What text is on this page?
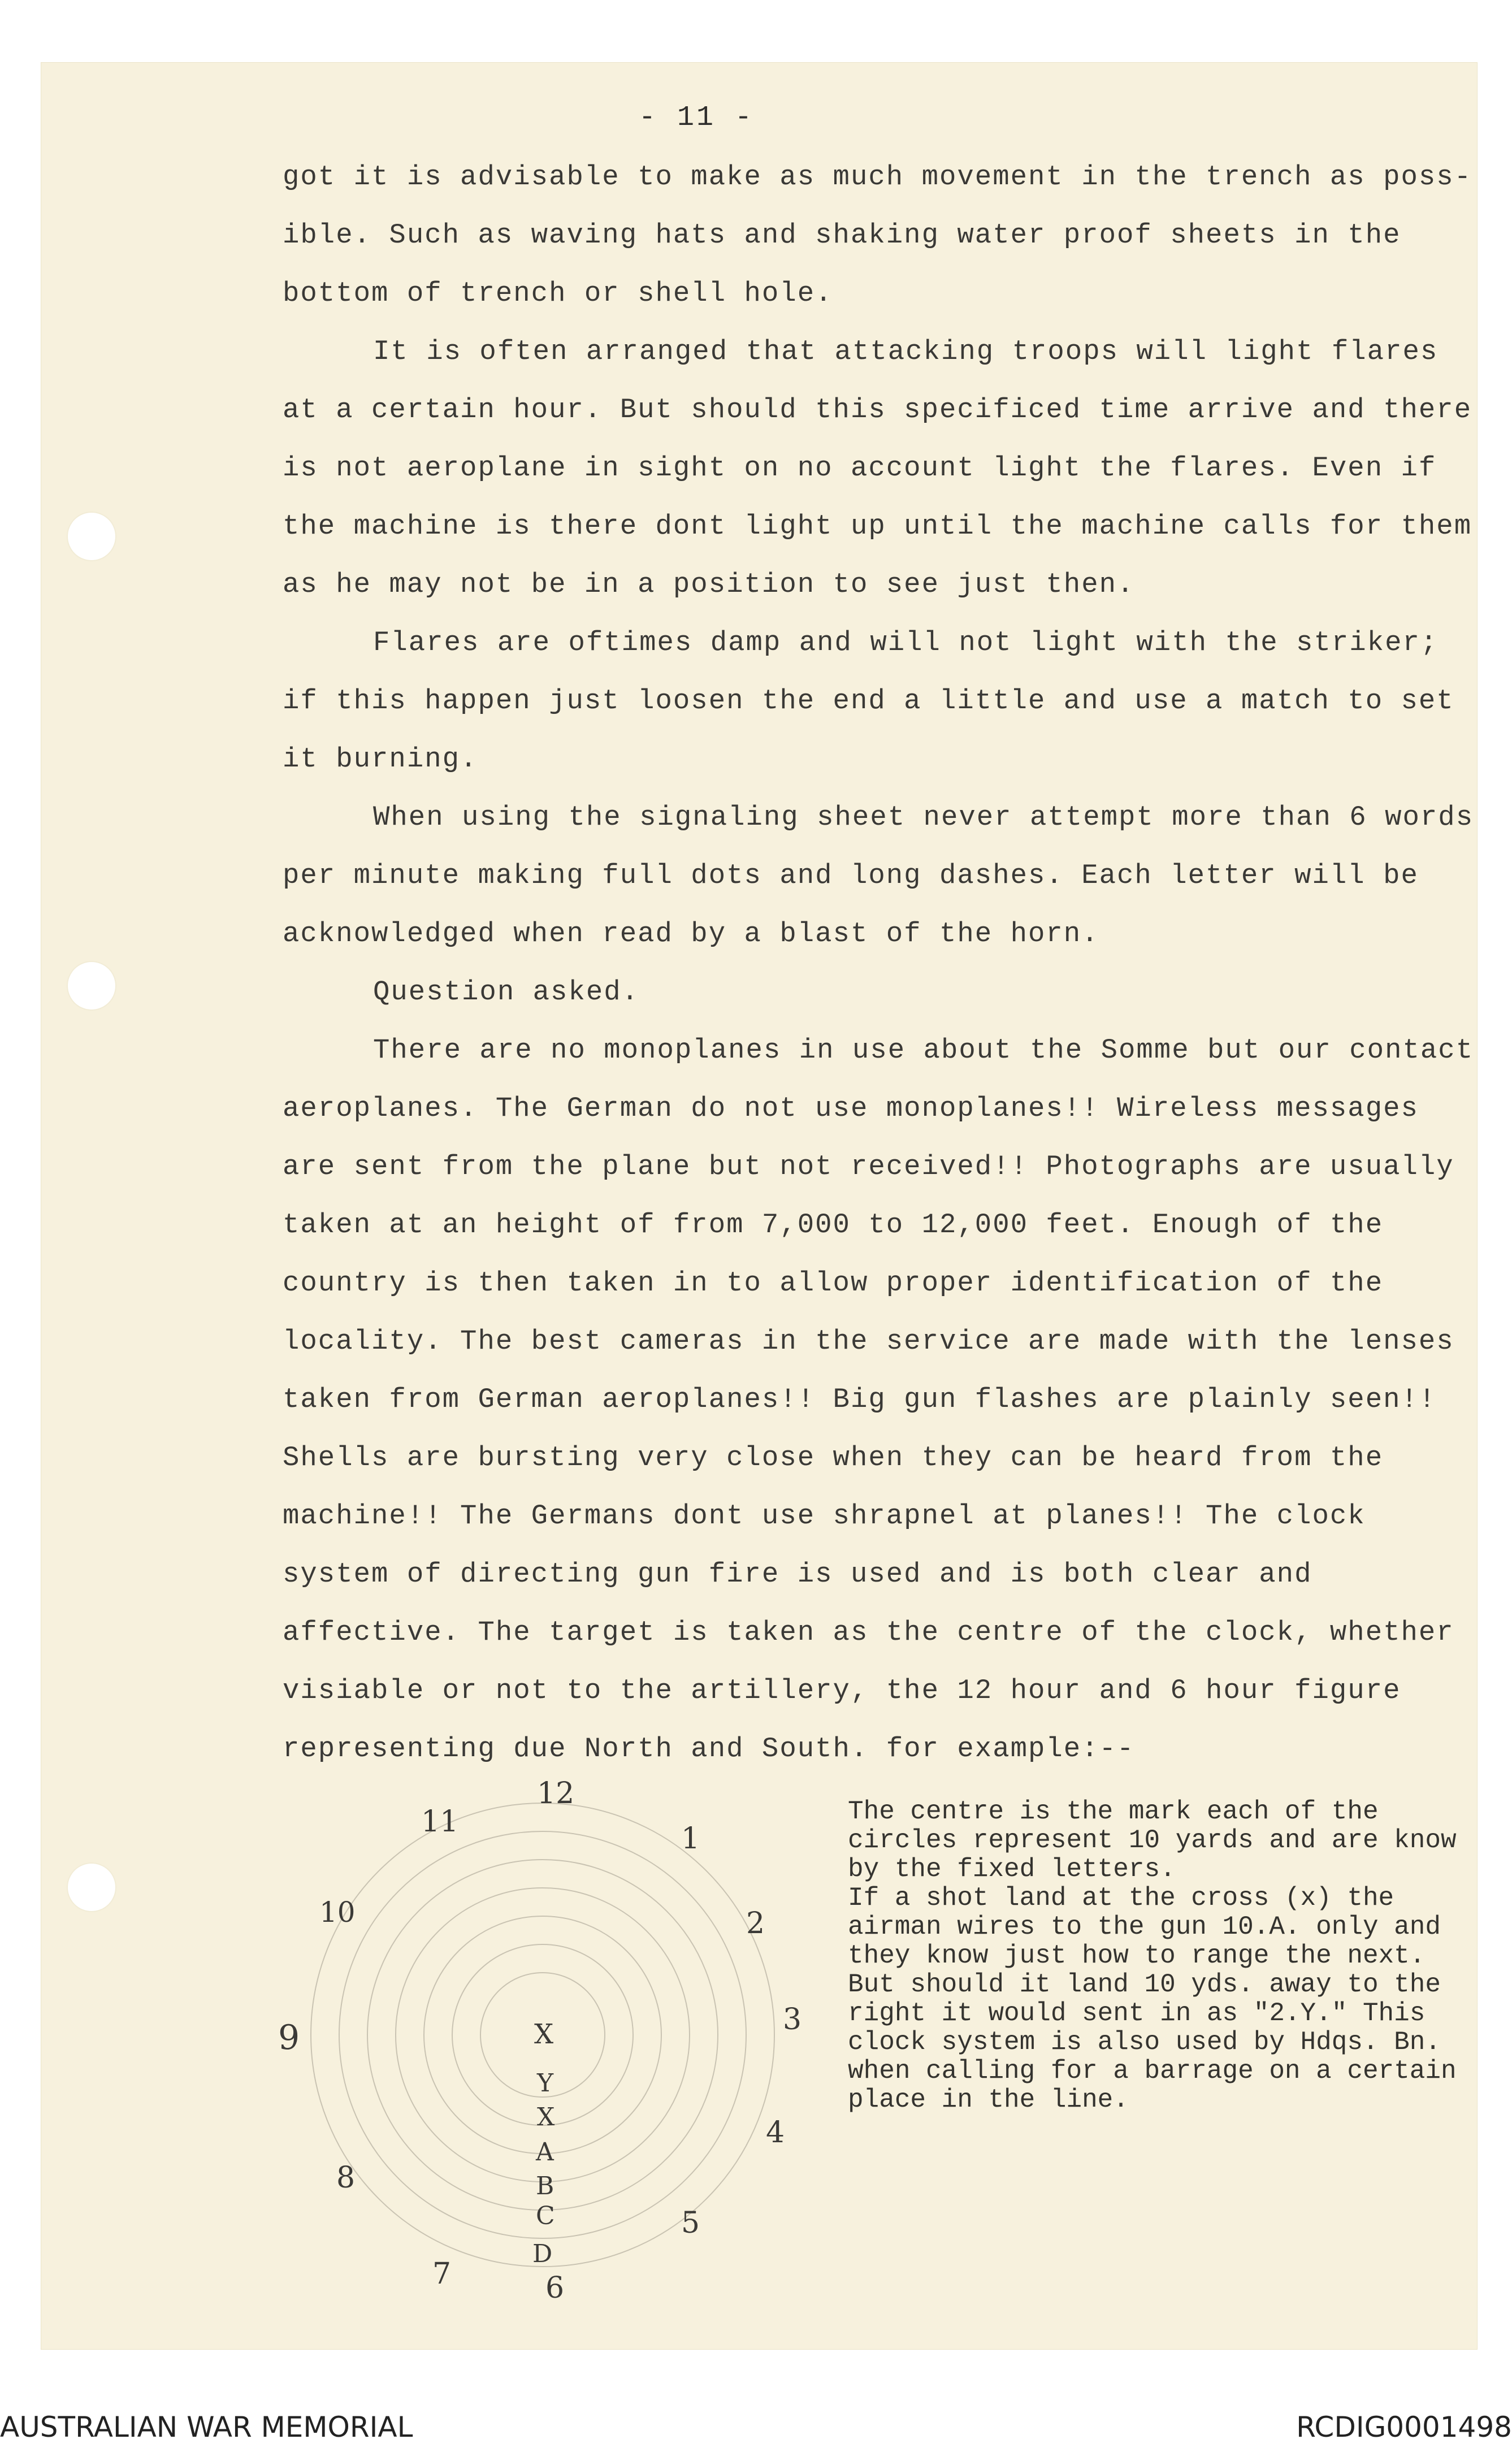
- 11 -

got it is advisable to make as much movement in the trench as poss-ible. Such as waving hats and shaking water proof sheets in the bottom of trench or shell hole.

It is often arranged that attacking troops will light flares at a certain hour. But should this specificed time arrive and there is not aeroplane in sight on no account light the flares. Even if the machine is there dont light up until the machine calls for them as he may not be in a position to see just then.

Flares are oftimes damp and will not light with the striker; if this happen just loosen the end a little and use a match to set it burning.

When using the signaling sheet never attempt more than 6 words per minute making full dots and long dashes. Each letter will be acknowledged when read by a blast of the horn.

Question asked.

There are no monoplanes in use about the Somme but our contact aeroplanes. The German do not use monoplanes!! Wireless messages are sent from the plane but not received!! Photographs are usually taken at an height of from 7,000 to 12,000 feet. Enough of the country is then taken in to allow proper identification of the locality. The best cameras in the service are made with the lenses taken from German aeroplanes!! Big gun flashes are plainly seen!! Shells are bursting very close when they can be heard from the machine!! The Germans dont use shrapnel at planes!! The clock system of directing gun fire is used and is both clear and affective. The target is taken as the centre of the clock, whether visiable or not to the artillery, the 12 hour and 6 hour figure representing due North and South. for example:--

12
1
2
3
4
5
6
7
8
9
10
11
X
Y
X
A
B
C
D
The centre is the mark each of the circles represent 10 yards and are know by the fixed letters.
If a shot land at the cross (x) the airman wires to the gun 10.A. only and they know just how to range the next. But should it land 10 yds. away to the right it would sent in as "2.Y." This clock system is also used by Hdqs. Bn. when calling for a barrage on a certain place in the line.
AUSTRALIAN WAR MEMORIAL	RCDIG0001498
